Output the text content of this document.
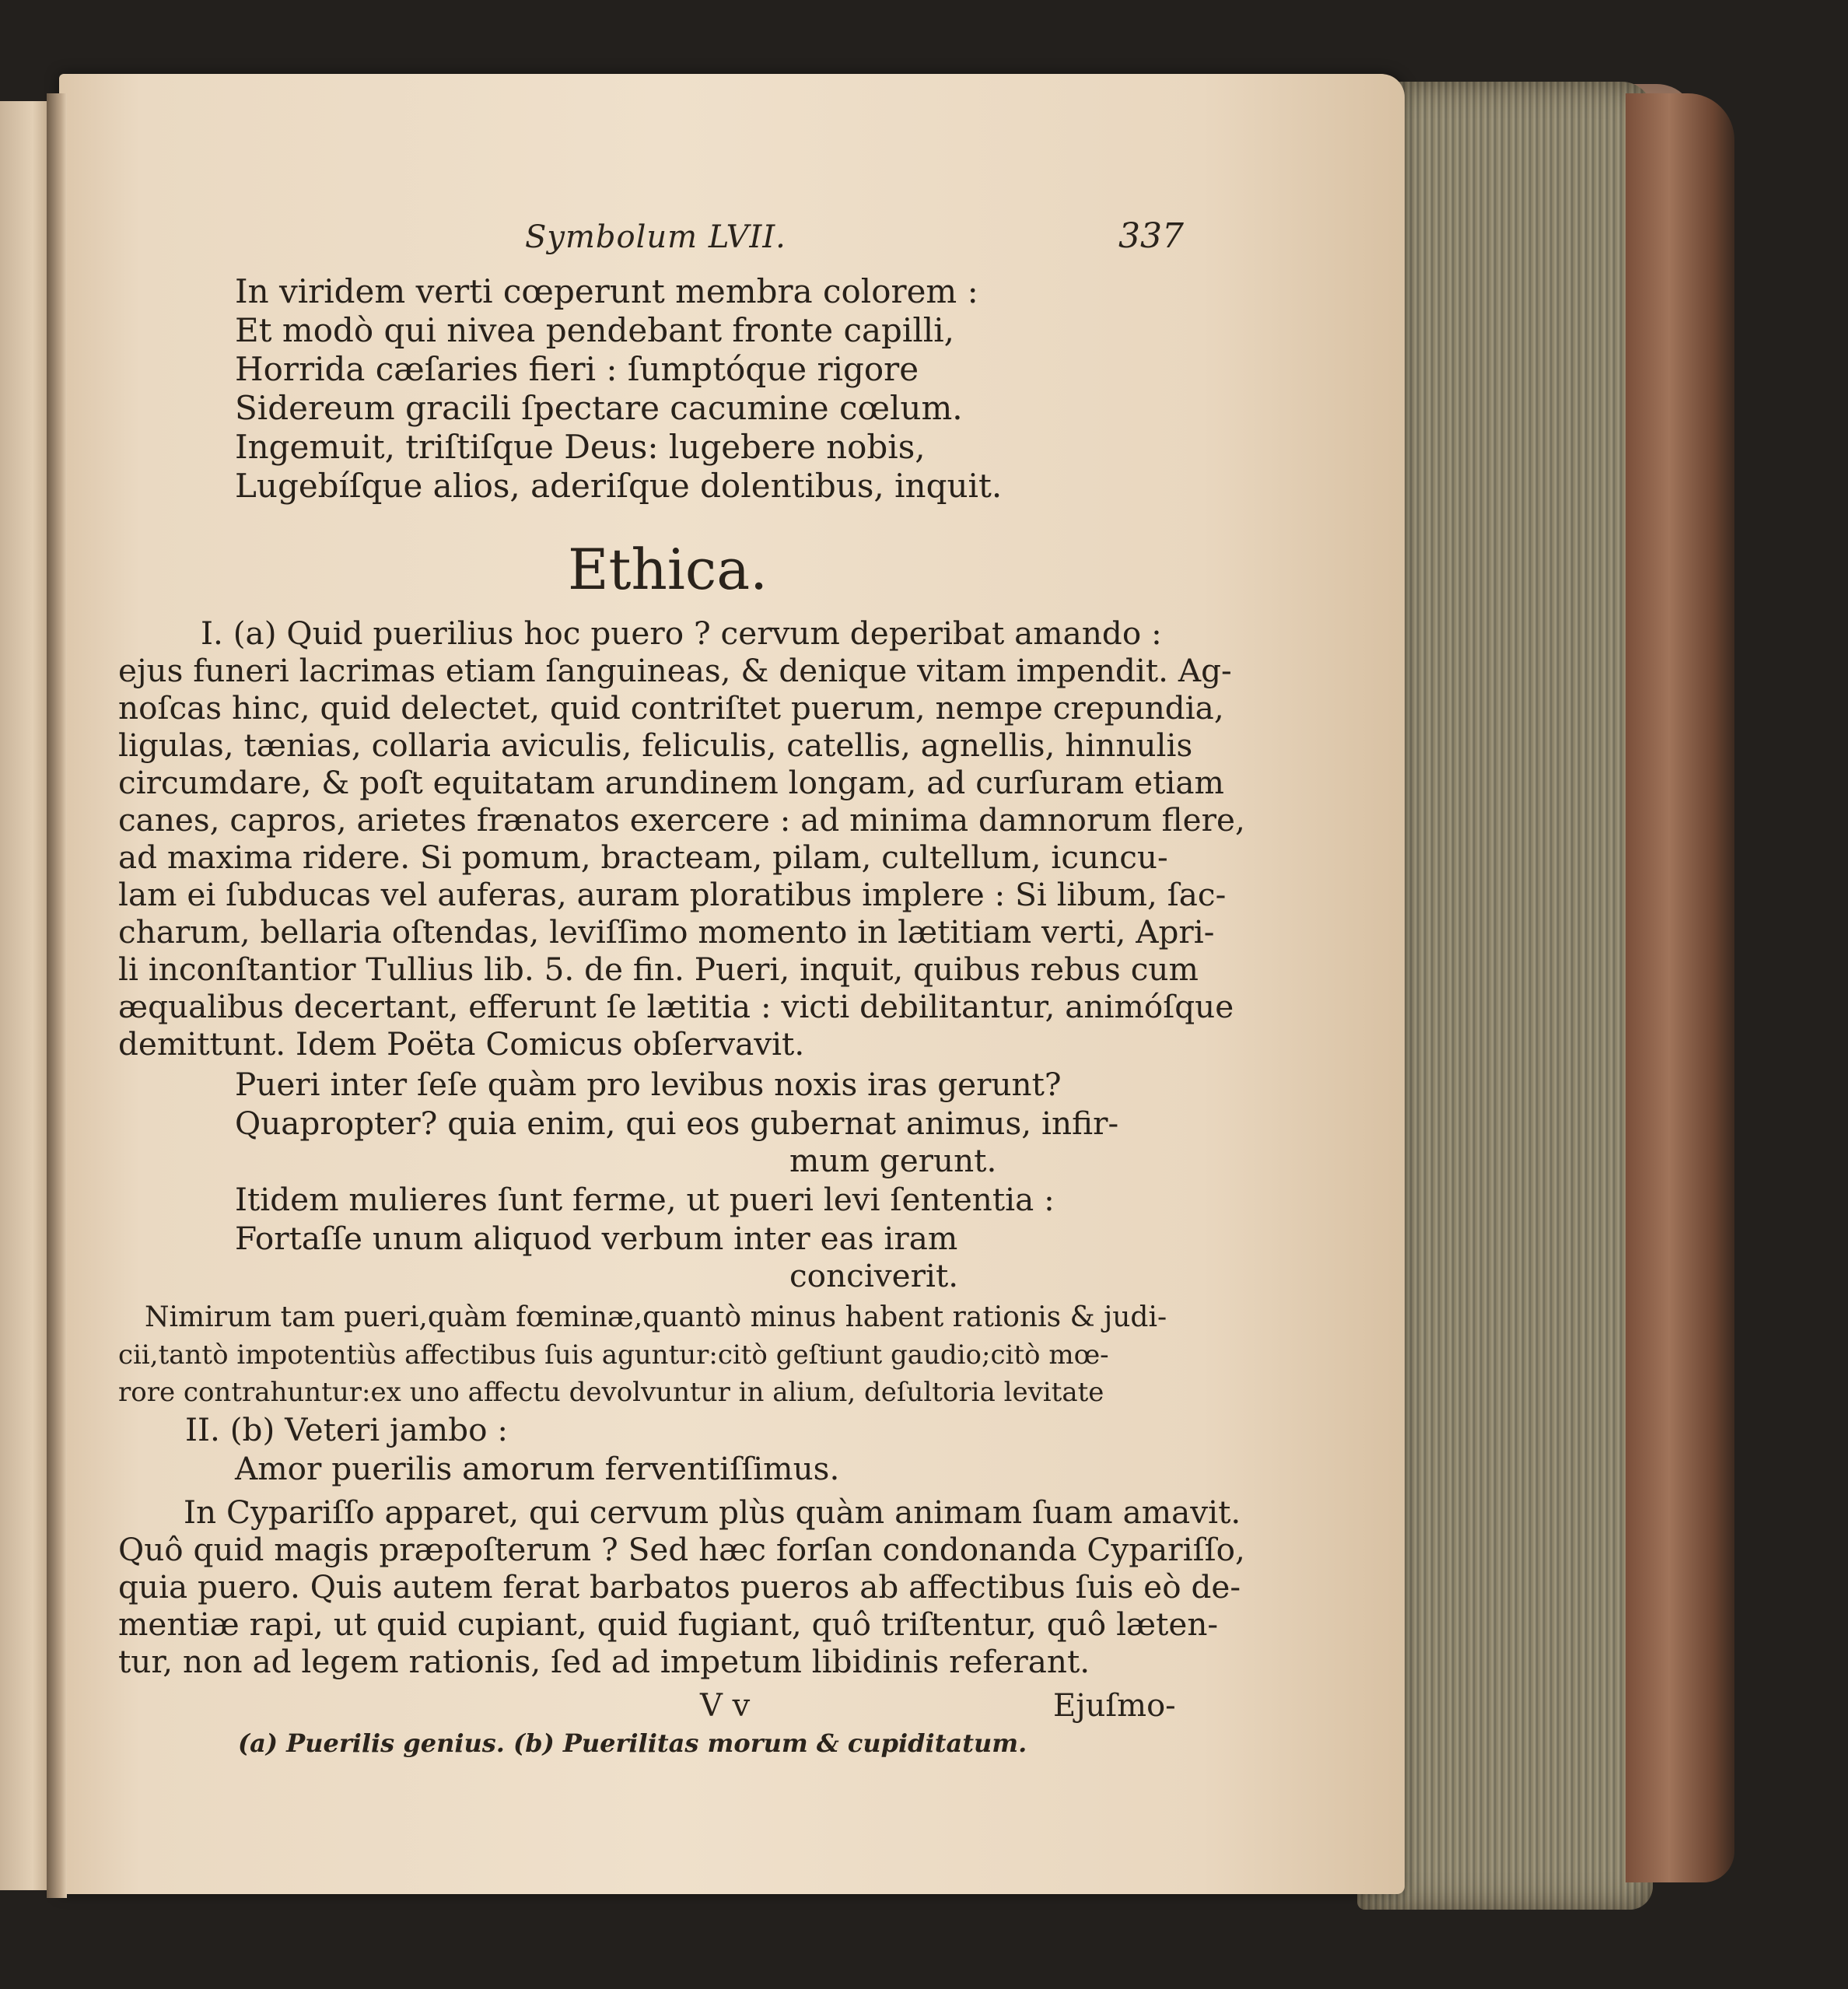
Symbolum LVII.	337
In viridem verti cœperunt membra colorem :
Et modò qui nivea pendebant fronte capilli,
Horrida cæſaries fieri : ſumptóque rigore
Sidereum gracili ſpectare cacumine cœlum.
Ingemuit, triſtiſque Deus: lugebere nobis,
Lugebíſque alios, aderiſque dolentibus, inquit.
Ethica.
I. (a) Quid puerilius hoc puero ? cervum deperibat amando :
ejus funeri lacrimas etiam ſanguineas, & denique vitam impendit. Ag-
noſcas hinc, quid delectet, quid contriſtet puerum, nempe crepundia,
ligulas, tænias, collaria aviculis, feliculis, catellis, agnellis, hinnulis
circumdare, & poſt equitatam arundinem longam, ad curſuram etiam
canes, capros, arietes frænatos exercere : ad minima damnorum flere,
ad maxima ridere. Si pomum, bracteam, pilam, cultellum, icuncu-
lam ei ſubducas vel auferas, auram ploratibus implere : Si libum, ſac-
charum, bellaria oſtendas, leviſſimo momento in lætitiam verti, Apri-
li inconſtantior Tullius lib. 5. de fin. Pueri, inquit, quibus rebus cum
æqualibus decertant, efferunt ſe lætitia : victi debilitantur, animóſque
demittunt. Idem Poëta Comicus obſervavit.
Pueri inter ſeſe quàm pro levibus noxis iras gerunt?
Quapropter? quia enim, qui eos gubernat animus, infir-
mum gerunt.
Itidem mulieres ſunt ferme, ut pueri levi ſententia :
Fortaſſe unum aliquod verbum inter eas iram
conciverit.
Nimirum tam pueri,quàm fœminæ,quantò minus habent rationis & judi-
cii,tantò impotentiùs affectibus ſuis aguntur:citò geſtiunt gaudio;citò mœ-
rore contrahuntur:ex uno affectu devolvuntur in alium, deſultoria levitate
II. (b) Veteri jambo :
Amor puerilis amorum ferventiſſimus.
In Cypariſſo apparet, qui cervum plùs quàm animam ſuam amavit.
Quô quid magis præpoſterum ? Sed hæc forſan condonanda Cypariſſo,
quia puero. Quis autem ferat barbatos pueros ab affectibus ſuis eò de-
mentiæ rapi, ut quid cupiant, quid fugiant, quô triſtentur, quô læten-
tur, non ad legem rationis, ſed ad impetum libidinis referant.
V v	Ejuſmo-
(a) Puerilis genius. (b) Puerilitas morum & cupiditatum.
